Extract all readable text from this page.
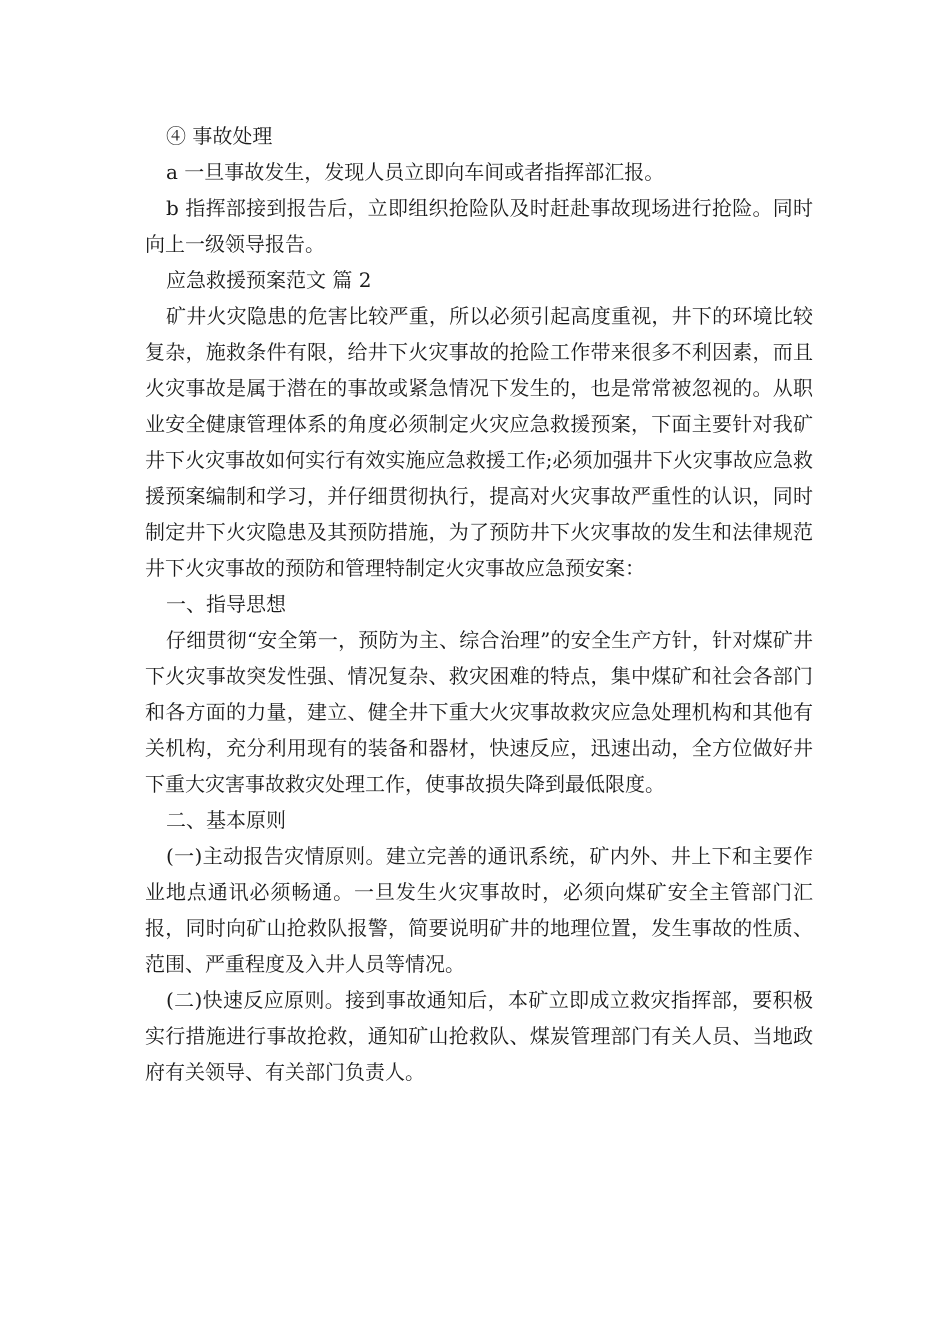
④ 事故处理

a 一旦事故发生，发现人员立即向车间或者指挥部汇报。

b 指挥部接到报告后，立即组织抢险队及时赶赴事故现场进行抢险。同时向上一级领导报告。

应急救援预案范文 篇 2

矿井火灾隐患的危害比较严重，所以必须引起高度重视，井下的环境比较复杂，施救条件有限，给井下火灾事故的抢险工作带来很多不利因素，而且火灾事故是属于潜在的事故或紧急情况下发生的，也是常常被忽视的。从职业安全健康管理体系的角度必须制定火灾应急救援预案，下面主要针对我矿井下火灾事故如何实行有效实施应急救援工作;必须加强井下火灾事故应急救援预案编制和学习，并仔细贯彻执行，提高对火灾事故严重性的认识，同时制定井下火灾隐患及其预防措施，为了预防井下火灾事故的发生和法律规范井下火灾事故的预防和管理特制定火灾事故应急预安案：

一、指导思想

仔细贯彻“安全第一，预防为主、综合治理”的安全生产方针，针对煤矿井下火灾事故突发性强、情况复杂、救灾困难的特点，集中煤矿和社会各部门和各方面的力量，建立、健全井下重大火灾事故救灾应急处理机构和其他有关机构，充分利用现有的装备和器材，快速反应，迅速出动，全方位做好井下重大灾害事故救灾处理工作，使事故损失降到最低限度。

二、基本原则

(一)主动报告灾情原则。建立完善的通讯系统，矿内外、井上下和主要作业地点通讯必须畅通。一旦发生火灾事故时，必须向煤矿安全主管部门汇报，同时向矿山抢救队报警，简要说明矿井的地理位置，发生事故的性质、范围、严重程度及入井人员等情况。

(二)快速反应原则。接到事故通知后，本矿立即成立救灾指挥部，要积极实行措施进行事故抢救，通知矿山抢救队、煤炭管理部门有关人员、当地政府有关领导、有关部门负责人。
